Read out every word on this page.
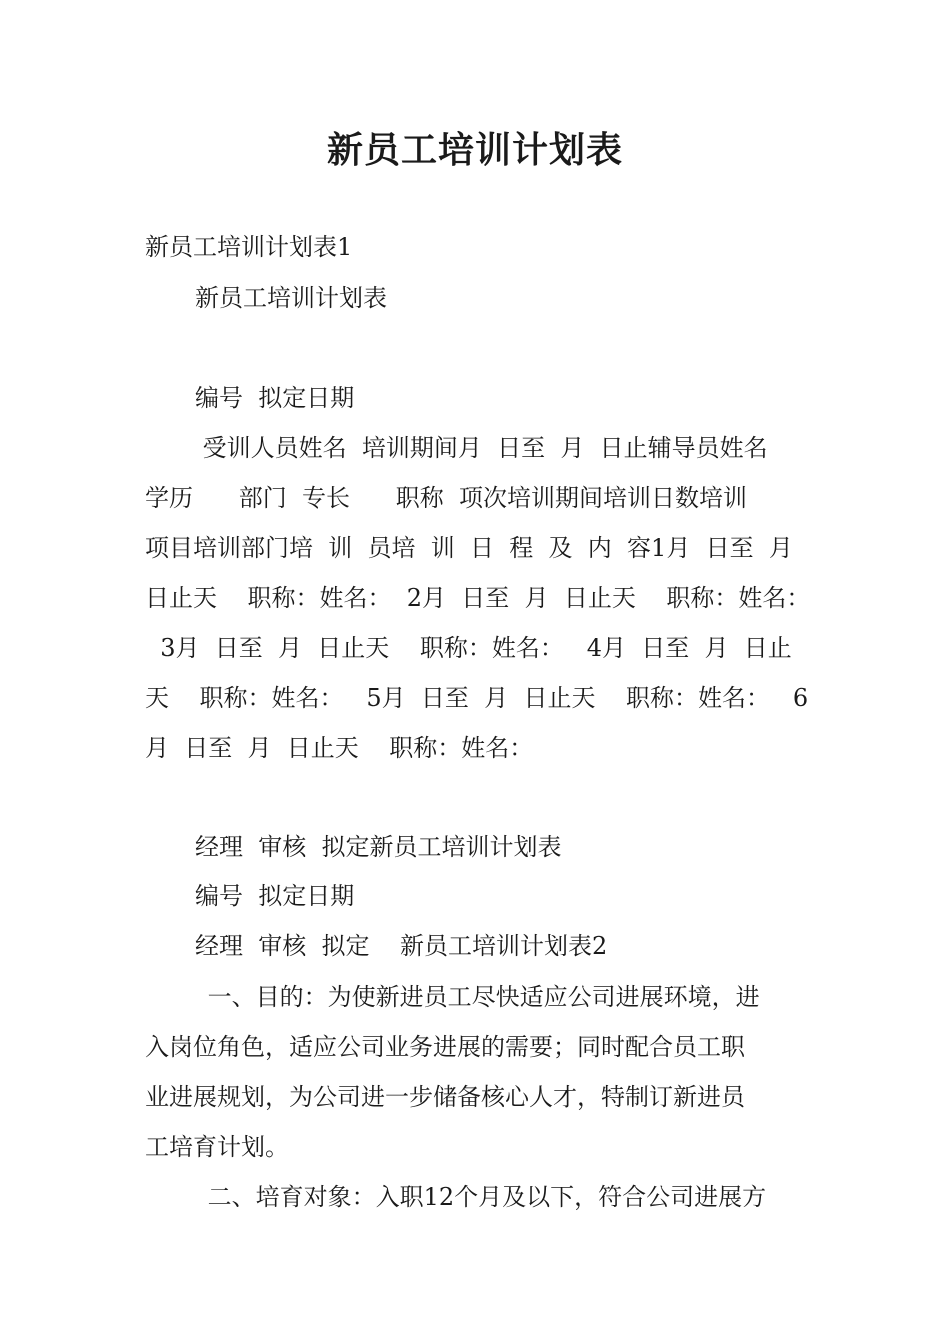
新员工培训计划表
新员工培训计划表1
新员工培训计划表
编号  拟定日期
受训人员姓名  培训期间月  日至  月  日止辅导员姓名
学历      部门  专长      职称  项次培训期间培训日数培训
项目培训部门培  训  员培  训  日  程  及  内  容1月  日至  月
日止天    职称：姓名：  2月  日至  月  日止天    职称：姓名：
3月  日至  月  日止天    职称：姓名：   4月  日至  月  日止
天    职称：姓名：   5月  日至  月  日止天    职称：姓名：   6
月  日至  月  日止天    职称：姓名：
经理  审核  拟定新员工培训计划表
编号  拟定日期
经理  审核  拟定    新员工培训计划表2
一、目的：为使新进员工尽快适应公司进展环境，进
入岗位角色，适应公司业务进展的需要；同时配合员工职
业进展规划，为公司进一步储备核心人才，特制订新进员
工培育计划。
二、培育对象：入职12个月及以下，符合公司进展方
